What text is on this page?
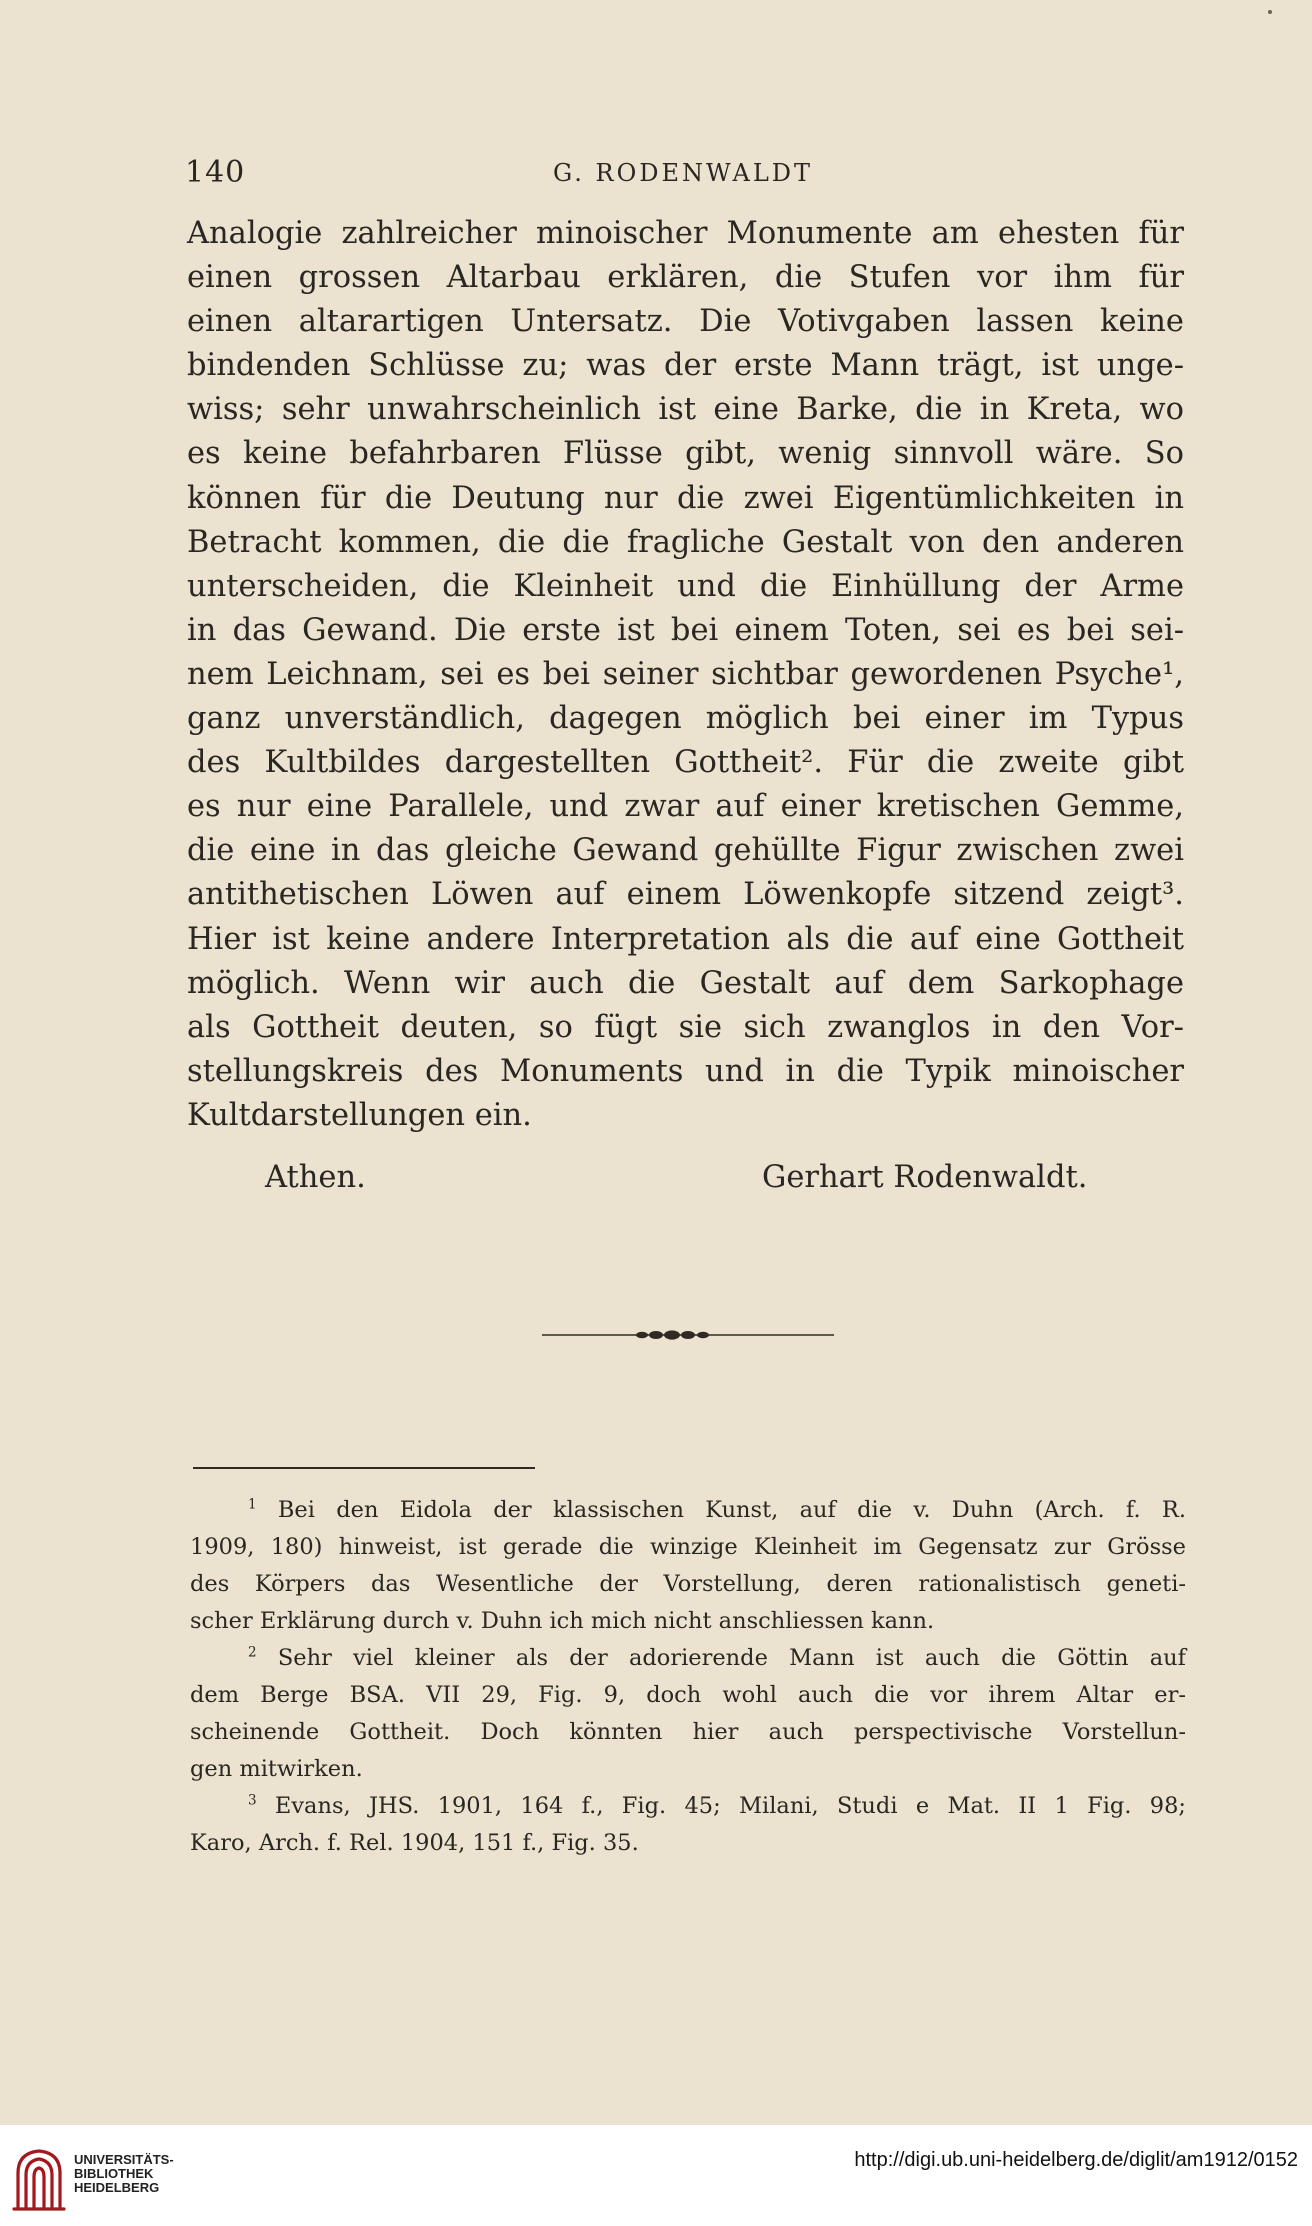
140	G. RODENWALDT
Analogie zahlreicher minoischer Monumente am ehesten für
einen grossen Altarbau erklären, die Stufen vor ihm für
einen altarartigen Untersatz. Die Votivgaben lassen keine
bindenden Schlüsse zu; was der erste Mann trägt, ist unge-
wiss; sehr unwahrscheinlich ist eine Barke, die in Kreta, wo
es keine befahrbaren Flüsse gibt, wenig sinnvoll wäre. So
können für die Deutung nur die zwei Eigentümlichkeiten in
Betracht kommen, die die fragliche Gestalt von den anderen
unterscheiden, die Kleinheit und die Einhüllung der Arme
in das Gewand. Die erste ist bei einem Toten, sei es bei sei-
nem Leichnam, sei es bei seiner sichtbar gewordenen Psyche¹,
ganz unverständlich, dagegen möglich bei einer im Typus
des Kultbildes dargestellten Gottheit². Für die zweite gibt
es nur eine Parallele, und zwar auf einer kretischen Gemme,
die eine in das gleiche Gewand gehüllte Figur zwischen zwei
antithetischen Löwen auf einem Löwenkopfe sitzend zeigt³.
Hier ist keine andere Interpretation als die auf eine Gottheit
möglich. Wenn wir auch die Gestalt auf dem Sarkophage
als Gottheit deuten, so fügt sie sich zwanglos in den Vor-
stellungskreis des Monuments und in die Typik minoischer
Kultdarstellungen ein.
Athen.	Gerhart Rodenwaldt.
$^1$ Bei den Eidola der klassischen Kunst, auf die v. Duhn (Arch. f. R.
1909, 180) hinweist, ist gerade die winzige Kleinheit im Gegensatz zur Grösse
des Körpers das Wesentliche der Vorstellung, deren rationalistisch geneti-
scher Erklärung durch v. Duhn ich mich nicht anschliessen kann.
$^2$ Sehr viel kleiner als der adorierende Mann ist auch die Göttin auf
dem Berge BSA. VII 29, Fig. 9, doch wohl auch die vor ihrem Altar er-
scheinende Gottheit. Doch könnten hier auch perspectivische Vorstellun-
gen mitwirken.
$^3$ Evans, JHS. 1901, 164 f., Fig. 45; Milani, Studi e Mat. II 1 Fig. 98;
Karo, Arch. f. Rel. 1904, 151 f., Fig. 35.
UNIVERSITÄTS-
BIBLIOTHEK
HEIDELBERG
http://digi.ub.uni-heidelberg.de/diglit/am1912/0152
